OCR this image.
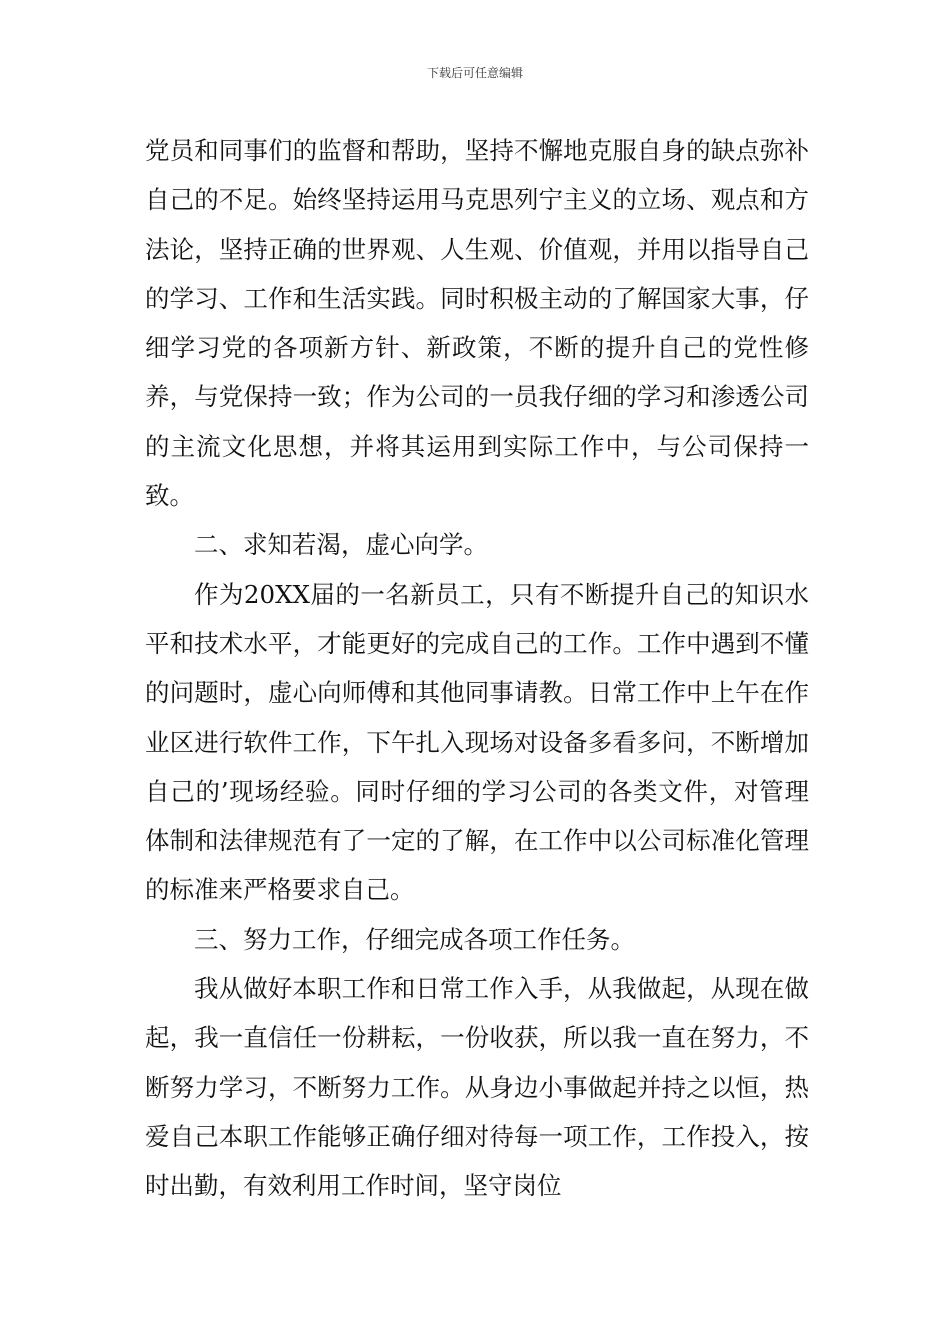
下载后可任意编辑

党员和同事们的监督和帮助，坚持不懈地克服自身的缺点弥补自己的不足。始终坚持运用马克思列宁主义的立场、观点和方法论，坚持正确的世界观、人生观、价值观，并用以指导自己的学习、工作和生活实践。同时积极主动的了解国家大事，仔细学习党的各项新方针、新政策，不断的提升自己的党性修养，与党保持一致；作为公司的一员我仔细的学习和渗透公司的主流文化思想，并将其运用到实际工作中，与公司保持一致。

二、求知若渴，虚心向学。

作为20XX届的一名新员工，只有不断提升自己的知识水平和技术水平，才能更好的完成自己的工作。工作中遇到不懂的问题时，虚心向师傅和其他同事请教。日常工作中上午在作业区进行软件工作，下午扎入现场对设备多看多问，不断增加自己的’现场经验。同时仔细的学习公司的各类文件，对管理体制和法律规范有了一定的了解，在工作中以公司标准化管理的标准来严格要求自己。

三、努力工作，仔细完成各项工作任务。

我从做好本职工作和日常工作入手，从我做起，从现在做起，我一直信任一份耕耘，一份收获，所以我一直在努力，不断努力学习，不断努力工作。从身边小事做起并持之以恒，热爱自己本职工作能够正确仔细对待每一项工作，工作投入，按时出勤，有效利用工作时间，坚守岗位
